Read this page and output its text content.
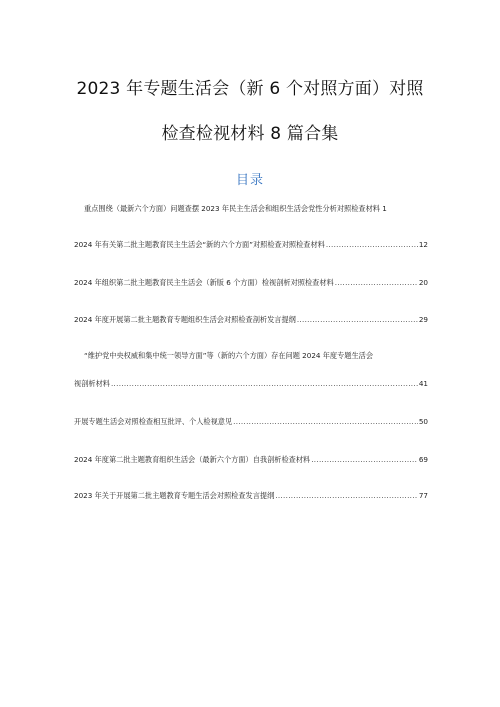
2023 年专题生活会（新 6 个对照方面）对照
检查检视材料 8 篇合集
目录
重点围绕（最新六个方面）问题查摆 2023 年民主生活会和组织生活会党性分析对照检查材料 1
2024 年有关第二批主题教育民主生活会“新的六个方面”对照检查对照检查材料 .....	12
2024 年组织第二批主题教育民主生活会（新版 6 个方面）检视剖析对照检查材料 .....	20
2024 年度开展第二批主题教育专题组织生活会对照检查剖析发言提纲 .....	29
“维护党中央权威和集中统一领导方面”等（新的六个方面）存在问题 2024 年度专题生活会
视剖析材料 .....	41
开展专题生活会对照检查相互批评、个人检视意见 .....	50
2024 年度第二批主题教育组织生活会（最新六个方面）自我剖析检查材料 .....	69
2023 年关于开展第二批主题教育专题生活会对照检查发言提纲 .....	77
